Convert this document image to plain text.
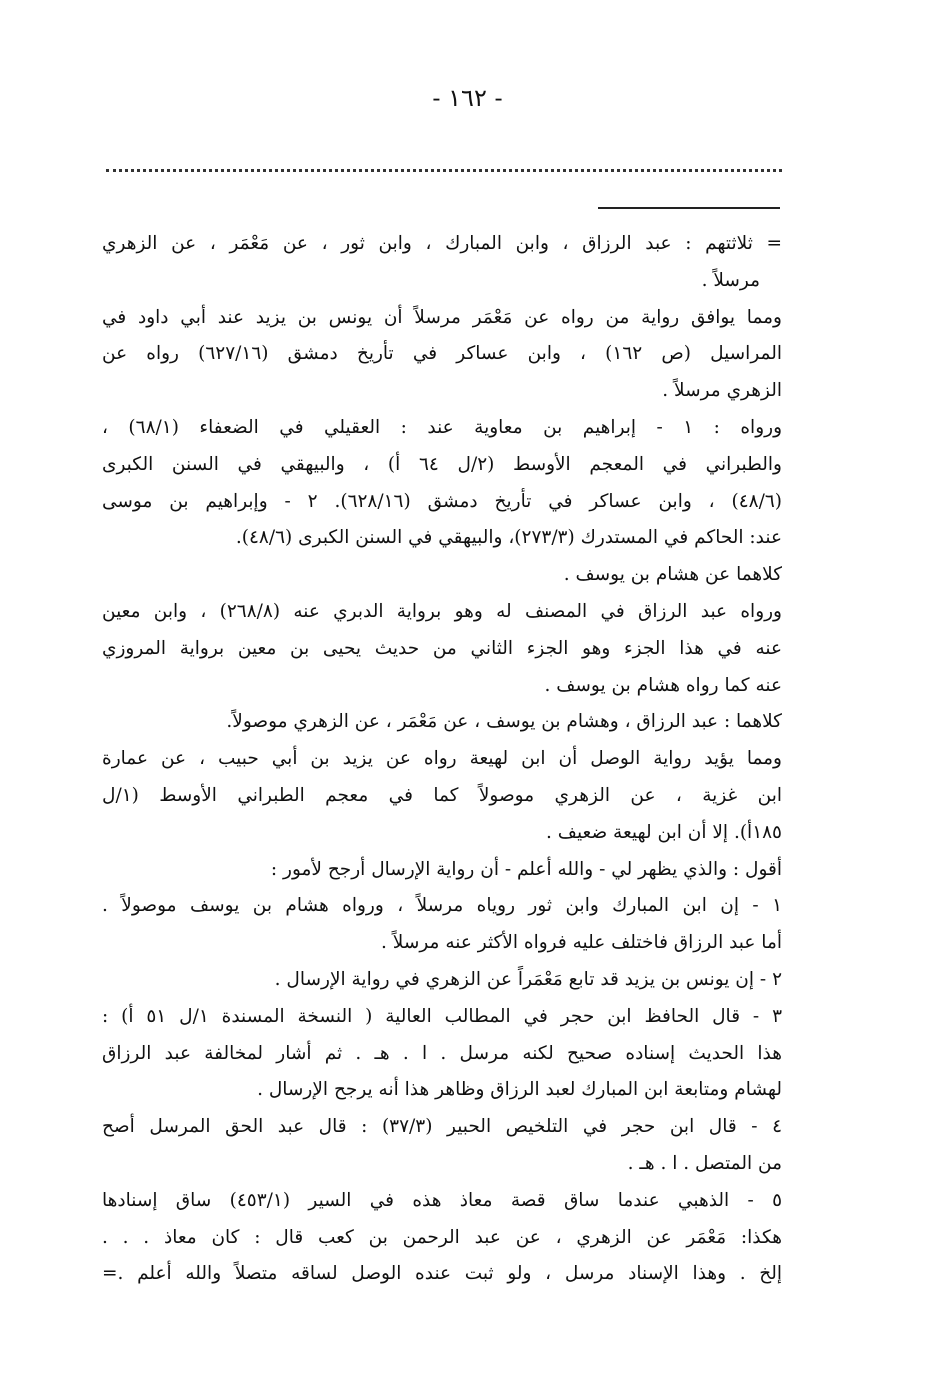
- ١٦٢ -
= ثلاثتهم : عبد الرزاق ، وابن المبارك ، وابن ثور ، عن مَعْمَر ، عن الزهري
مرسلاً .
ومما يوافق رواية من رواه عن مَعْمَر مرسلاً أن يونس بن يزيد عند أبي داود في
المراسيل (ص ١٦٢) ، وابن عساكر في تأريخ دمشق (٦٢٧/١٦) رواه عن
الزهري مرسلاً .
ورواه : ١ - إبراهيم بن معاوية عند : العقيلي في الضعفاء (٦٨/١) ،
والطبراني في المعجم الأوسط (٢/ل ٦٤ أ) ، والبيهقي في السنن الكبرى
(٤٨/٦) ، وابن عساكر في تأريخ دمشق (٦٢٨/١٦). ٢ - وإبراهيم بن موسى
عند: الحاكم في المستدرك (٢٧٣/٣)، والبيهقي في السنن الكبرى (٤٨/٦).
كلاهما عن هشام بن يوسف .
ورواه عبد الرزاق في المصنف له وهو برواية الدبري عنه (٢٦٨/٨) ، وابن معين
عنه في هذا الجزء وهو الجزء الثاني من حديث يحيى بن معين برواية المروزي
عنه كما رواه هشام بن يوسف .
كلاهما : عبد الرزاق ، وهشام بن يوسف ، عن مَعْمَر ، عن الزهري موصولاً.
ومما يؤيد رواية الوصل أن ابن لهيعة رواه عن يزيد بن أبي حبيب ، عن عمارة
ابن غزية ، عن الزهري موصولاً كما في معجم الطبراني الأوسط (١/ل
١٨٥أ). إلا أن ابن لهيعة ضعيف .
أقول : والذي يظهر لي - والله أعلم - أن رواية الإرسال أرجح لأمور :
١ - إن ابن المبارك وابن ثور روياه مرسلاً ، ورواه هشام بن يوسف موصولاً .
أما عبد الرزاق فاختلف عليه فرواه الأكثر عنه مرسلاً .
٢ - إن يونس بن يزيد قد تابع مَعْمَراً عن الزهري في رواية الإرسال .
٣ - قال الحافظ ابن حجر في المطالب العالية ( النسخة المسندة ١/ل ٥١ أ) :
هذا الحديث إسناده صحيح لكنه مرسل . ا . هـ . ثم أشار لمخالفة عبد الرزاق
لهشام ومتابعة ابن المبارك لعبد الرزاق وظاهر هذا أنه يرجح الإرسال .
٤ - قال ابن حجر في التلخيص الحبير (٣٧/٣) : قال عبد الحق المرسل أصح
من المتصل . ا . هـ .
٥ - الذهبي عندما ساق قصة معاذ هذه في السير (٤٥٣/١) ساق إسنادها
هكذا: مَعْمَر عن الزهري ، عن عبد الرحمن بن كعب قال : كان معاذ . . .
إلخ . وهذا الإسناد مرسل ، ولو ثبت عنده الوصل لساقه متصلاً والله أعلم .=
